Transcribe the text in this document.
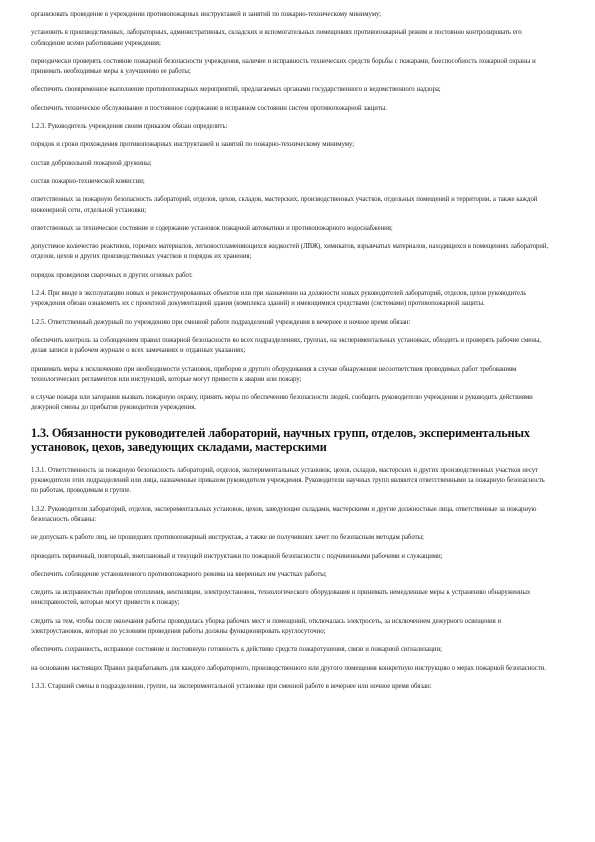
организовать проведение в учреждении противопожарных инструктажей и занятий по пожарно-техническому минимуму;

установить в производственных, лабораторных, административных, складских и вспомогательных помещениях противопожарный режим и постоянно контролировать его соблюдение всеми работниками учреждения;

периодически проверять состояние пожарной безопасности учреждения, наличие и исправность технических средств борьбы с пожарами, боеспособность пожарной охраны и принимать необходимые меры к улучшению ее работы;

обеспечить своевременное выполнение противопожарных мероприятий, предлагаемых органами государственного и ведомственного надзора;

обеспечить техническое обслуживание и постоянное содержание в исправном состоянии систем противопожарной защиты.

1.2.3. Руководитель учреждения своим приказом обязан определить:

порядок и сроки прохождения противопожарных инструктажей и занятий по пожарно-техническому минимуму;

состав добровольной пожарной дружины;

состав пожарно-технической комиссии;

ответственных за пожарную безопасность лабораторий, отделов, цехов, складов, мастерских, производственных участков, отдельных помещений и территории, а также каждой инженерной сети, отдельной установки;

ответственных за техническое состояние и содержание установок пожарной автоматики и противопожарного водоснабжения;

допустимое количество реактивов, горючих материалов, легковоспламеняющихся жидкостей (ЛВЖ), химикатов, взрывчатых материалов, находящихся в помещениях лабораторий, отделов, цехов и других производственных участков и порядок их хранения;

порядок проведения сварочных и других огневых работ.

1.2.4. При вводе в эксплуатацию новых и реконструированных объектов или при назначении на должности новых руководителей лабораторий, отделов, цехов руководитель учреждения обязан ознакомить их с проектной документацией здания (комплекса зданий) и имеющимися средствами (системами) противопожарной защиты.

1.2.5. Ответственный дежурный по учреждению при сменной работе подразделений учреждения в вечернее и ночное время обязан:

обеспечить контроль за соблюдением правил пожарной безопасности во всех подразделениях, группах, на экспериментальных установках, обходить и проверять рабочие смены, делая записи в рабочем журнале о всех замечаниях и отданных указаниях;

принимать меры к исключению при необходимости установок, приборов и другого оборудования в случае обнаружения несоответствия проводимых работ требованиям технологических регламентов или инструкций, которые могут привести к аварии или пожару;

в случае пожара или загорания вызвать пожарную охрану, принять меры по обеспечению безопасности людей, сообщить руководителю учреждения и руководить действиями дежурной смены до прибытия руководителя учреждения.

1.3. Обязанности руководителей лабораторий, научных групп, отделов, экспериментальных установок, цехов, заведующих складами, мастерскими

1.3.1. Ответственность за пожарную безопасность лабораторий, отделов, экспериментальных установок, цехов, складов, мастерских и других производственных участков несут руководители этих подразделений или лица, назначенные приказом руководителя учреждения. Руководители научных групп являются ответственными за пожарную безопасность по работам, проводимым в группе.

1.3.2. Руководители лабораторий, отделов, экспериментальных установок, цехов, заведующие складами, мастерскими и другие должностные лица, ответственные за пожарную безопасность обязаны:

не допускать к работе лиц, не прошедших противопожарный инструктаж, а также не получивших зачет по безопасным методам работы;

проводить первичный, повторный, внеплановый и текущий инструктажи по пожарной безопасности с подчиненными рабочими и служащими;

обеспечить соблюдение установленного противопожарного режима на вверенных им участках работы;

следить за исправностью приборов отопления, вентиляции, электроустановок, технологического оборудования и принимать немедленные меры к устранению обнаруженных неисправностей, которые могут привести к пожару;

следить за тем, чтобы после окончания работы проводилась уборка рабочих мест и помещений, отключалась электросеть, за исключением дежурного освещения и электроустановок, которые по условиям проведения работы должны функционировать круглосуточно;

обеспечить сохранность, исправное состояние и постоянную готовность к действию средств пожаротушения, связи и пожарной сигнализации;

на основании настоящих Правил разрабатывать для каждого лабораторного, производственного или другого помещения конкретную инструкцию о мерах пожарной безопасности.

1.3.3. Старший смены в подразделении, группе, на экспериментальной установке при сменной работе в вечернее или ночное время обязан:
